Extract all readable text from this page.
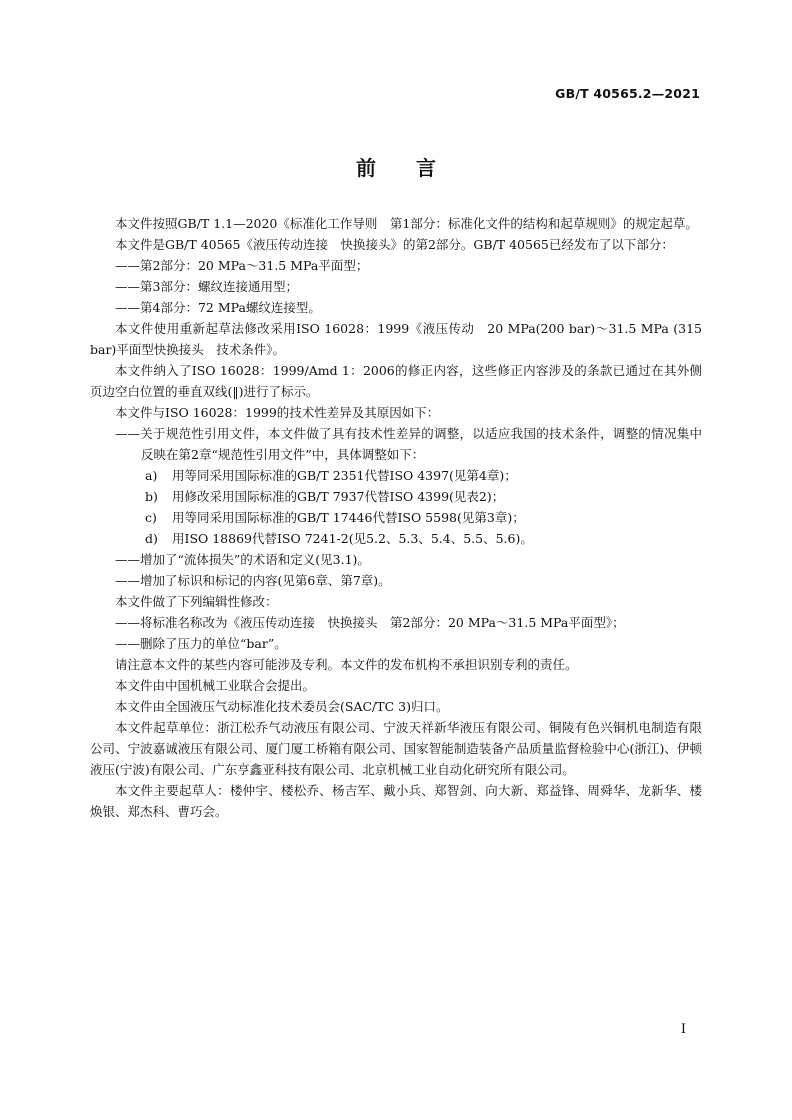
GB/T 40565.2—2021
前言
本文件按照GB/T 1.1—2020《标准化工作导则　第1部分：标准化文件的结构和起草规则》的规定起草。
本文件是GB/T 40565《液压传动连接　快换接头》的第2部分。GB/T 40565已经发布了以下部分：
——第2部分：20 MPa～31.5 MPa平面型；
——第3部分：螺纹连接通用型；
——第4部分：72 MPa螺纹连接型。
本文件使用重新起草法修改采用ISO 16028：1999《液压传动　20 MPa(200 bar)～31.5 MPa (315 bar)平面型快换接头　技术条件》。
本文件纳入了ISO 16028：1999/Amd 1：2006的修正内容，这些修正内容涉及的条款已通过在其外侧页边空白位置的垂直双线(‖)进行了标示。
本文件与ISO 16028：1999的技术性差异及其原因如下：
——关于规范性引用文件，本文件做了具有技术性差异的调整，以适应我国的技术条件，调整的情况集中反映在第2章“规范性引用文件”中，具体调整如下：
a) 用等同采用国际标准的GB/T 2351代替ISO 4397(见第4章)；
b) 用修改采用国际标准的GB/T 7937代替ISO 4399(见表2)；
c) 用等同采用国际标准的GB/T 17446代替ISO 5598(见第3章)；
d) 用ISO 18869代替ISO 7241-2(见5.2、5.3、5.4、5.5、5.6)。
——增加了“流体损失”的术语和定义(见3.1)。
——增加了标识和标记的内容(见第6章、第7章)。
本文件做了下列编辑性修改：
——将标准名称改为《液压传动连接　快换接头　第2部分：20 MPa～31.5 MPa平面型》；
——删除了压力的单位“bar”。
请注意本文件的某些内容可能涉及专利。本文件的发布机构不承担识别专利的责任。
本文件由中国机械工业联合会提出。
本文件由全国液压气动标准化技术委员会(SAC/TC 3)归口。
本文件起草单位：浙江松乔气动液压有限公司、宁波天祥新华液压有限公司、铜陵有色兴铜机电制造有限公司、宁波嘉诚液压有限公司、厦门厦工桥箱有限公司、国家智能制造装备产品质量监督检验中心(浙江)、伊顿液压(宁波)有限公司、广东亨鑫亚科技有限公司、北京机械工业自动化研究所有限公司。
本文件主要起草人：楼仲宇、楼松乔、杨吉军、戴小兵、郑智剑、向大新、郑益锋、周舜华、龙新华、楼焕银、郑杰科、曹巧会。
I
